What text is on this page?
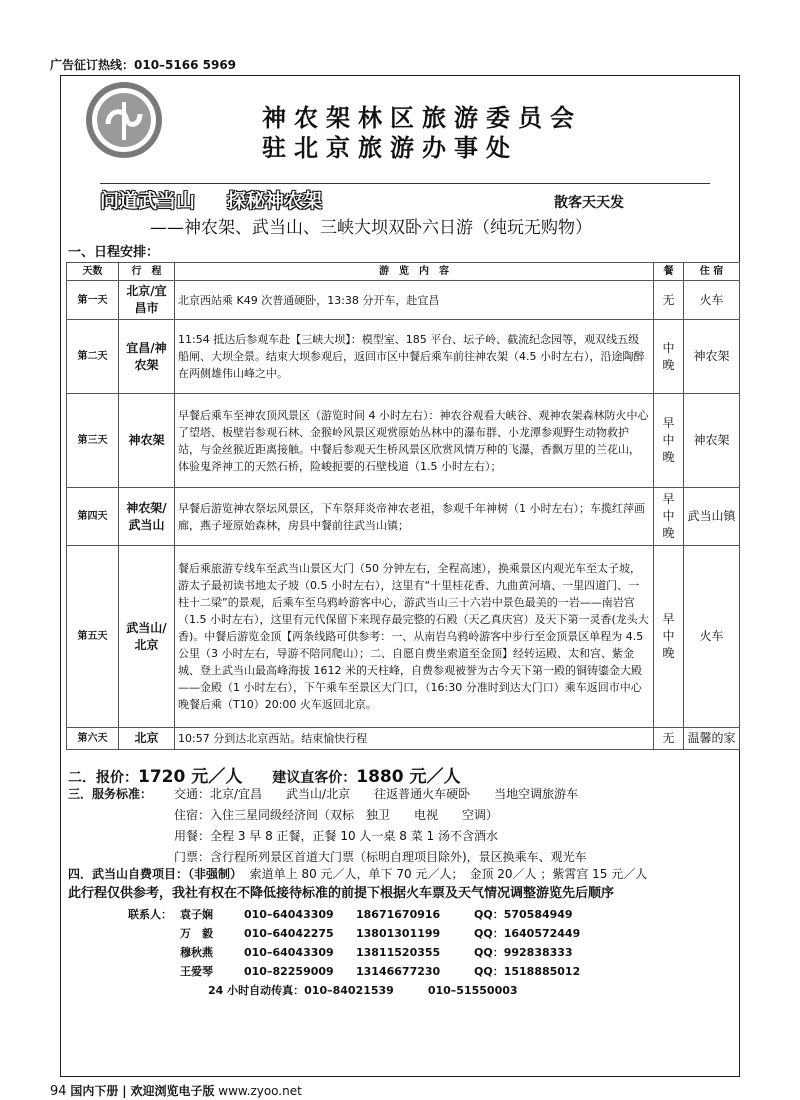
广告征订热线：010–5166 5969
神农架林区旅游委员会
驻北京旅游办事处
问道武当山 探秘神农架	散客天天发
——神农架、武当山、三峡大坝双卧六日游（纯玩无购物）
一、日程安排：
天数	行　程	游　览　内　容	餐	住 宿
第一天	北京/宜昌市	北京西站乘 K49 次普通硬卧，13:38 分开车，赴宜昌	无	火车
第二天	宜昌/神农架	11:54 抵达后参观车赴【三峡大坝】：模型室、185 平台、坛子岭、截流纪念园等，观双线五级船闸、大坝全景。结束大坝参观后，返回市区中餐后乘车前往神农架（4.5 小时左右），沿途陶醉在两侧雄伟山峰之中。	中晚	神农架
第三天	神农架	早餐后乘车至神农顶风景区（游览时间 4 小时左右）：神农谷观看大峡谷、观神农架森林防火中心了望塔、板壁岩参观石林、金猴岭风景区观赏原始丛林中的瀑布群、小龙潭参观野生动物救护站，与金丝猴近距离接触。中餐后参观天生桥风景区欣赏风情万种的飞瀑，香飘万里的兰花山，体验鬼斧神工的天然石桥，险峻扼要的石壁栈道（1.5 小时左右）；	早中晚	神农架
第四天	神农架/武当山	早餐后游览神农祭坛风景区，下车祭拜炎帝神农老祖，参观千年神树（1 小时左右）；车揽红萍画廊，燕子垭原始森林，房县中餐前往武当山镇；	早中晚	武当山镇
第五天	武当山/北京	餐后乘旅游专线车至武当山景区大门（50 分钟左右，全程高速），换乘景区内观光车至太子坡，游太子最初读书地太子坡（0.5 小时左右），这里有“十里桂花香、九曲黄河墙、一里四道门、一柱十二梁”的景观，后乘车至乌鸦岭游客中心，游武当山三十六岩中景色最美的一岩——南岩宫（1.5 小时左右），这里有元代保留下来现存最完整的石殿（天乙真庆宫）及天下第一灵香(龙头大香)。中餐后游览金顶【两条线路可供参考：一、从南岩乌鸦岭游客中步行至金顶景区单程为 4.5 公里（3 小时左右，导游不陪同爬山）；二、自愿自费坐索道至金顶】经转运殿、太和宫、紫金城、登上武当山最高峰海拔 1612 米的天柱峰，自费参观被誉为古今天下第一殿的铜铸鎏金大殿——金殿（1 小时左右），下午乘车至景区大门口，（16:30 分准时到达大门口）乘车返回市中心晚餐后乘（T10）20:00 火车返回北京。	早中晚	火车
第六天	北京	10:57 分到达北京西站。结束愉快行程	无	温馨的家
二．报价：1720 元／人 建议直客价：1880 元／人
三．服务标准： 交通：北京/宜昌　　武当山/北京　　往返普通火车硬卧　　当地空调旅游车
住宿：入住三星同级经济间（双标　独卫　　电视　　空调）
用餐：全程 3 早 8 正餐，正餐 10 人一桌 8 菜 1 汤不含酒水
门票：含行程所列景区首道大门票（标明自理项目除外)，景区换乘车、观光车
四．武当山自费项目：（非强制） 索道单上 80 元／人，单下 70 元／人；　金顶 20／人 ；紫霄宫 15 元／人
此行程仅供参考，我社有权在不降低接待标准的前提下根据火车票及天气情况调整游览先后顺序
联系人： 袁子娴	010–64043309 18671670916	QQ：570584949
万　毅	010–64042275 13801301199	QQ：1640572449
穆秋燕	010–64043309 13811520355	QQ：992838333
王爱琴	010–82259009 13146677230	QQ：1518885012
24 小时自动传真：010–84021539	010–51550003
94 国内下册 | 欢迎浏览电子版 www.zyoo.net
